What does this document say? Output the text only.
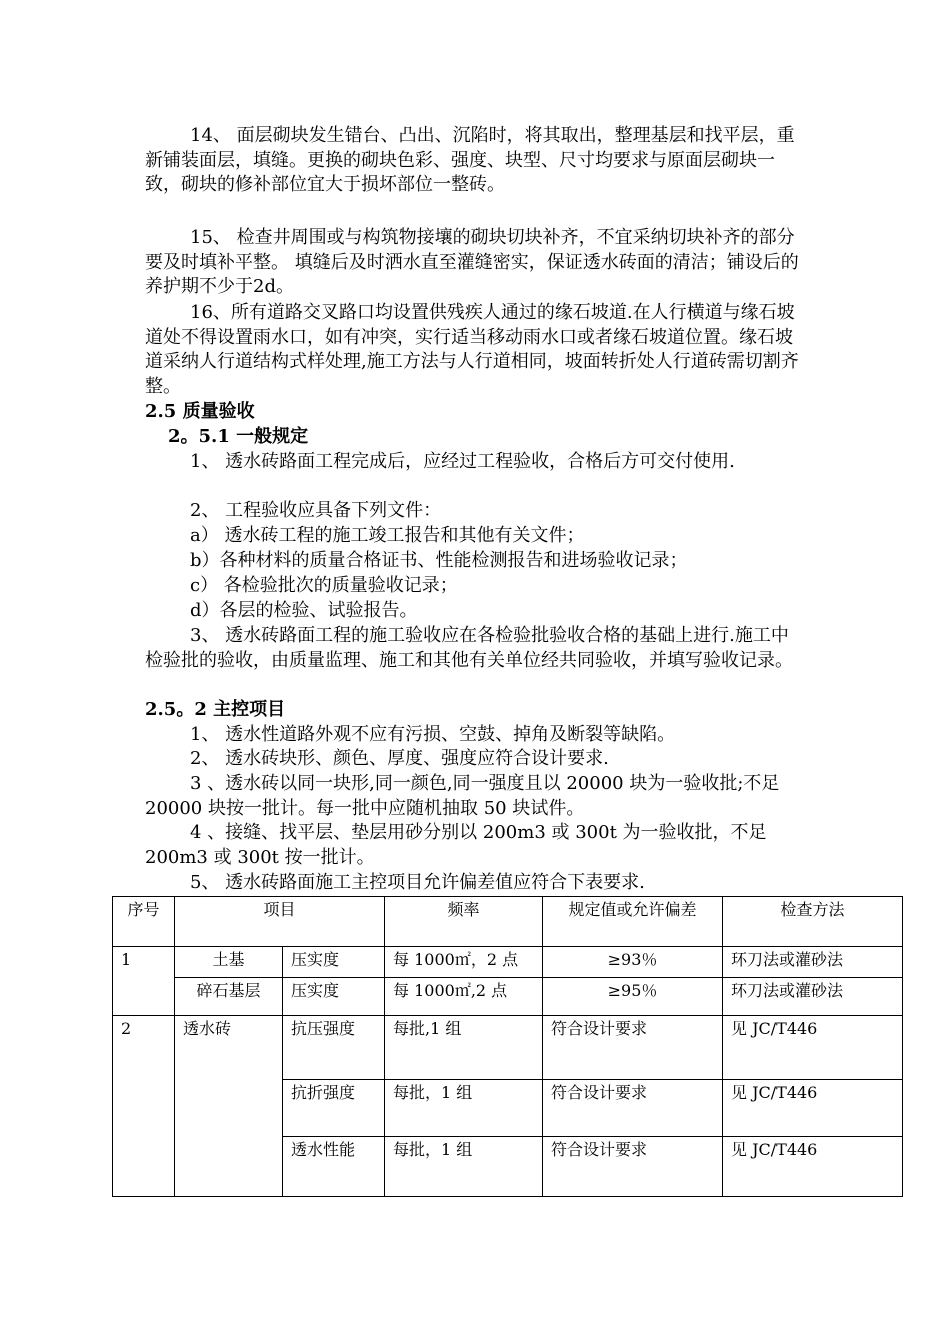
14、 面层砌块发生错台、凸出、沉陷时，将其取出，整理基层和找平层，重新铺装面层，填缝。更换的砌块色彩、强度、块型、尺寸均要求与原面层砌块一致，砌块的修补部位宜大于损坏部位一整砖。

15、 检查井周围或与构筑物接壤的砌块切块补齐，不宜采纳切块补齐的部分要及时填补平整。 填缝后及时洒水直至灌缝密实，保证透水砖面的清洁；铺设后的养护期不少于2d。

16、所有道路交叉路口均设置供残疾人通过的缘石坡道.在人行横道与缘石坡道处不得设置雨水口，如有冲突，实行适当移动雨水口或者缘石坡道位置。缘石坡道采纳人行道结构式样处理,施工方法与人行道相同，坡面转折处人行道砖需切割齐整。

2.5 质量验收

2。5.1 一般规定

1、 透水砖路面工程完成后，应经过工程验收，合格后方可交付使用.

2、 工程验收应具备下列文件：

a） 透水砖工程的施工竣工报告和其他有关文件；

b）各种材料的质量合格证书、性能检测报告和进场验收记录；

c） 各检验批次的质量验收记录；

d）各层的检验、试验报告。

3、 透水砖路面工程的施工验收应在各检验批验收合格的基础上进行.施工中检验批的验收，由质量监理、施工和其他有关单位经共同验收，并填写验收记录。

2.5。2 主控项目

1、 透水性道路外观不应有污损、空鼓、掉角及断裂等缺陷。

2、 透水砖块形、颜色、厚度、强度应符合设计要求.

3 、透水砖以同一块形,同一颜色,同一强度且以 20000 块为一验收批;不足 20000 块按一批计。每一批中应随机抽取 50 块试件。

4 、接缝、找平层、垫层用砂分别以 200m3 或 300t 为一验收批，不足 200m3 或 300t 按一批计。

5、 透水砖路面施工主控项目允许偏差值应符合下表要求.

序号	项目		频率	规定值或允许偏差	检查方法
1	土基	压实度	每 1000㎡，2 点	≥93％	环刀法或灌砂法
	碎石基层	压实度	每 1000㎡,2 点	≥95％	环刀法或灌砂法
2	透水砖	抗压强度	每批,1 组	符合设计要求	见 JC/T446
		抗折强度	每批，1 组	符合设计要求	见 JC/T446
		透水性能	每批，1 组	符合设计要求	见 JC/T446
